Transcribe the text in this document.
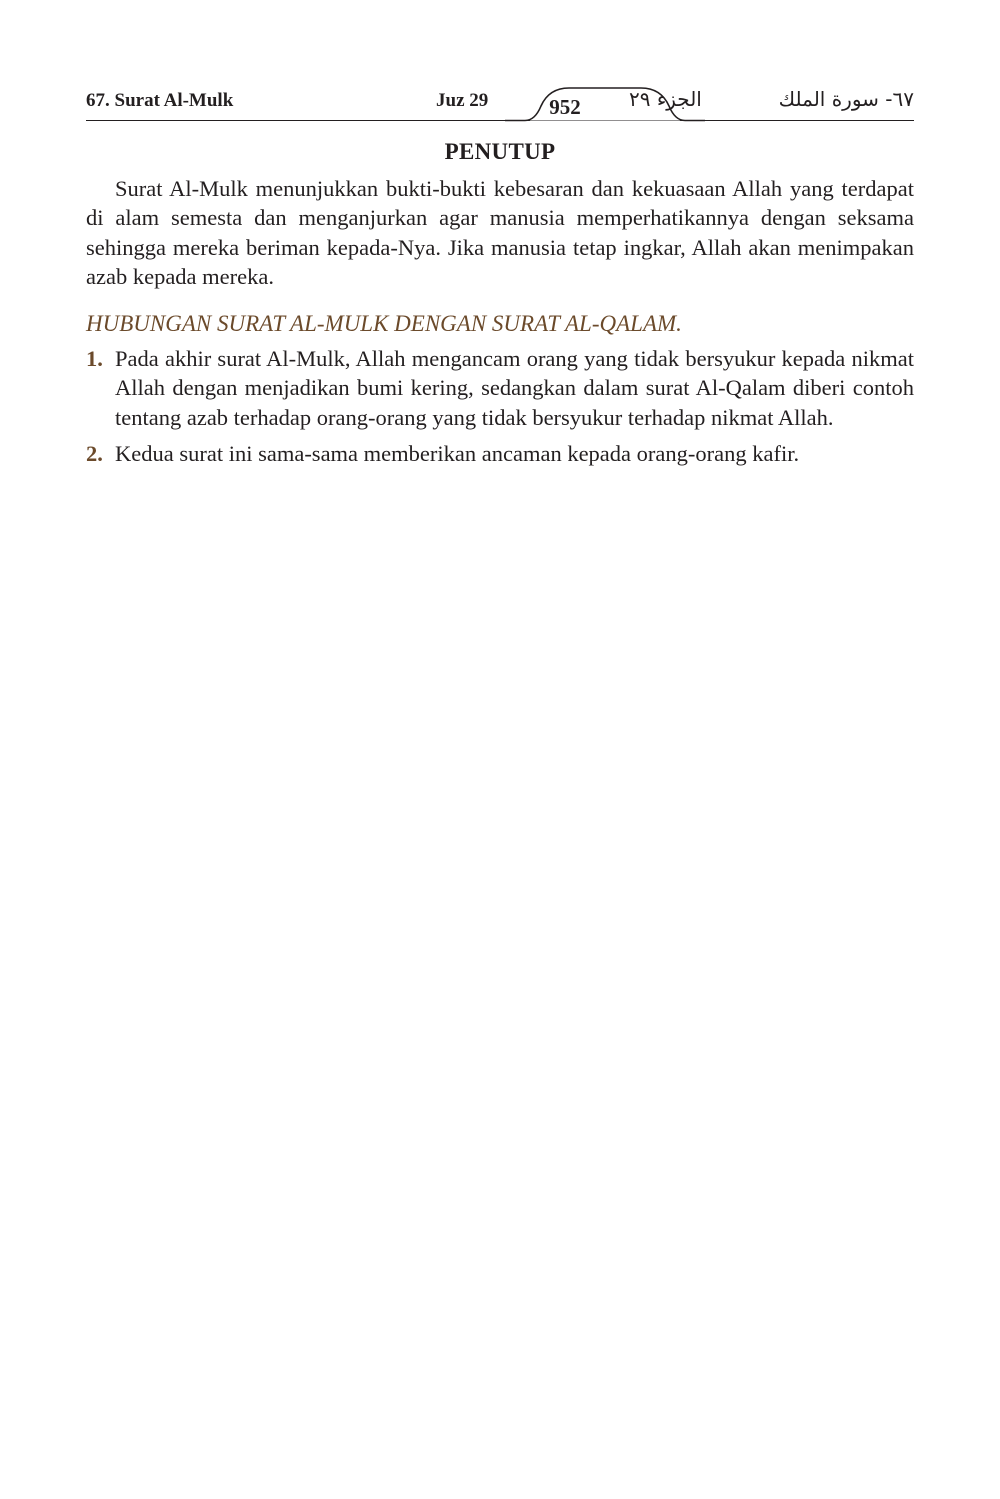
67. Surat Al-Mulk	Juz 29	952	الجزء ٢٩	٦٧- سورة الملك
PENUTUP

Surat Al-Mulk menunjukkan bukti-bukti kebesaran dan kekuasaan Allah yang terdapat di alam semesta dan menganjurkan agar manusia memperhatikannya dengan seksama sehingga mereka beriman kepada-Nya. Jika manusia tetap ingkar, Allah akan menimpakan azab kepada mereka.

HUBUNGAN SURAT AL-MULK DENGAN SURAT AL-QALAM.
1. Pada akhir surat Al-Mulk, Allah mengancam orang yang tidak bersyukur kepada nikmat Allah dengan menjadikan bumi kering, sedangkan dalam surat Al-Qalam diberi contoh tentang azab terhadap orang-orang yang tidak bersyukur terhadap nikmat Allah.
2. Kedua surat ini sama-sama memberikan ancaman kepada orang-orang kafir.
